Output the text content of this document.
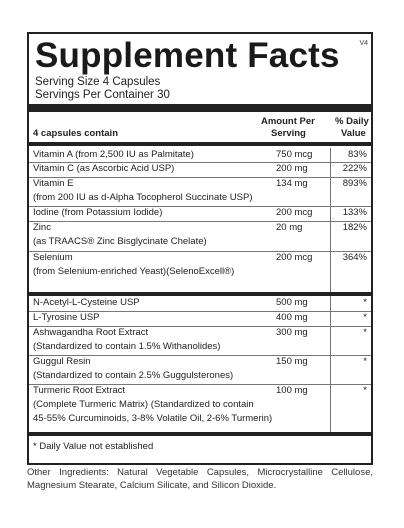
Supplement Facts	V4
Serving Size 4 Capsules
Servings Per Container 30
4 capsules contain
Amount Per
Serving
% Daily
Value
Vitamin A (from 2,500 IU as Palmitate)	750 mcg	83%
Vitamin C (as Ascorbic Acid USP)	200 mg	222%
Vitamin E
(from 200 IU as d-Alpha Tocopherol Succinate USP)
134 mg	893%
Iodine (from Potassium Iodide)	200 mcg	133%
Zinc
(as TRAACS® Zinc Bisglycinate Chelate)
20 mg	182%
Selenium
(from Selenium-enriched Yeast)(SelenoExcell®)
200 mcg	364%
N-Acetyl-L-Cysteine USP	500 mg	*
L-Tyrosine USP	400 mg	*
Ashwagandha Root Extract
(Standardized to contain 1.5% Withanolides)
300 mg	*
Guggul Resin
(Standardized to contain 2.5% Guggulsterones)
150 mg	*
Turmeric Root Extract
(Complete Turmeric Matrix) (Standardized to contain
45-55% Curcuminoids, 3-8% Volatile Oil, 2-6% Turmerin)
100 mg	*
* Daily Value not established
Other Ingredients: Natural Vegetable Capsules, Microcrystalline Cellulose,
Magnesium Stearate, Calcium Silicate, and Silicon Dioxide.
